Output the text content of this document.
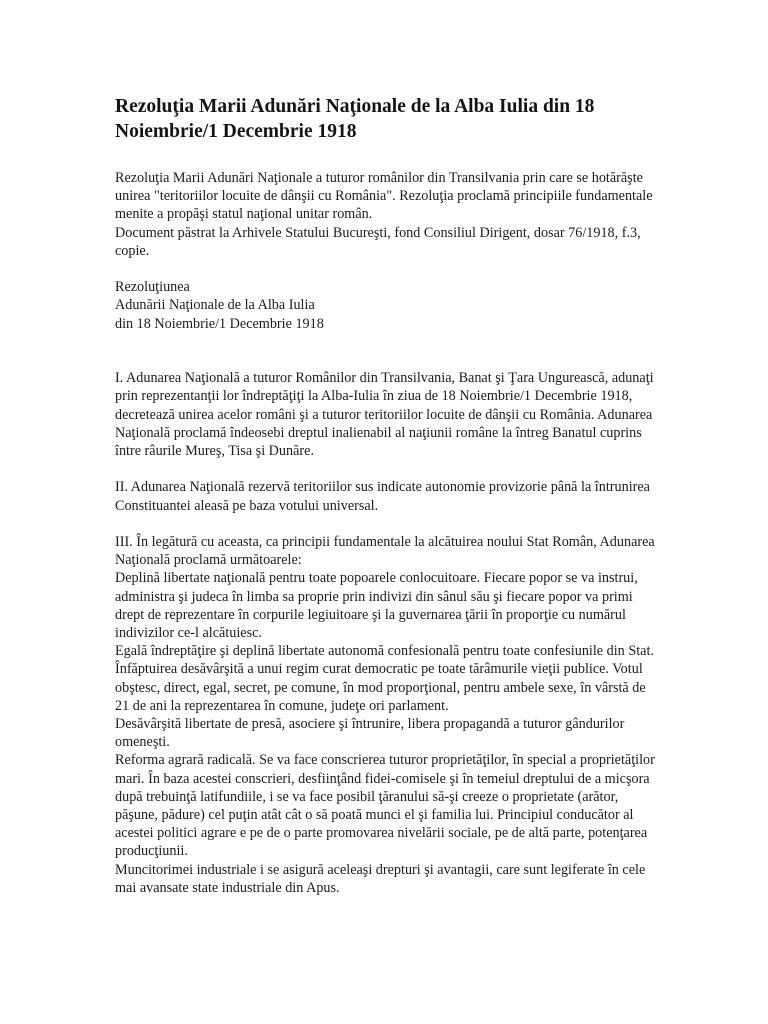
Rezoluţia Marii Adunări Naţionale de la Alba Iulia din 18 Noiembrie/1 Decembrie 1918

Rezoluţia Marii Adunări Naţionale a tuturor românilor din Transilvania prin care se hotărăşte unirea "teritoriilor locuite de dânşii cu România". Rezoluţia proclamă principiile fundamentale menite a propăşi statul naţional unitar român.
Document păstrat la Arhivele Statului Bucureşti, fond Consiliul Dirigent, dosar 76/1918, f.3, copie.

Rezoluţiunea
Adunării Naţionale de la Alba Iulia
din 18 Noiembrie/1 Decembrie 1918

I. Adunarea Naţională a tuturor Românilor din Transilvania, Banat şi Ţara Ungurească, adunaţi prin reprezentanţii lor îndreptăţiţi la Alba-Iulia în ziua de 18 Noiembrie/1 Decembrie 1918, decretează unirea acelor români şi a tuturor teritoriilor locuite de dânşii cu România. Adunarea Naţională proclamă îndeosebi dreptul inalienabil al naţiunii române la întreg Banatul cuprins între râurile Mureş, Tisa şi Dunăre.

II. Adunarea Naţională rezervă teritoriilor sus indicate autonomie provizorie până la întrunirea Constituantei aleasă pe baza votului universal.

III. În legătură cu aceasta, ca principii fundamentale la alcătuirea noului Stat Român, Adunarea Naţională proclamă următoarele:
Deplină libertate naţională pentru toate popoarele conlocuitoare. Fiecare popor se va instrui, administra şi judeca în limba sa proprie prin indivizi din sânul său şi fiecare popor va primi drept de reprezentare în corpurile legiuitoare şi la guvernarea ţării în proporţie cu numărul indivizilor ce-l alcătuiesc.
Egală îndreptăţire şi deplină libertate autonomă confesională pentru toate confesiunile din Stat.
Înfăptuirea desăvârşită a unui regim curat democratic pe toate tărâmurile vieţii publice. Votul obştesc, direct, egal, secret, pe comune, în mod proporţional, pentru ambele sexe, în vârstă de 21 de ani la reprezentarea în comune, judeţe ori parlament.
Desăvârşită libertate de presă, asociere şi întrunire, libera propagandă a tuturor gândurilor omeneşti.
Reforma agrară radicală. Se va face conscrierea tuturor proprietăţilor, în special a proprietăţilor mari. În baza acestei conscrieri, desfiinţând fidei-comisele şi în temeiul dreptului de a micşora după trebuinţă latifundiile, i se va face posibil ţăranului să-şi creeze o proprietate (arător, păşune, pădure) cel puţin atât cât o să poată munci el şi familia lui. Principiul conducător al acestei politici agrare e pe de o parte promovarea nivelării sociale, pe de altă parte, potenţarea producţiunii.
Muncitorimei industriale i se asigură aceleaşi drepturi şi avantagii, care sunt legiferate în cele mai avansate state industriale din Apus.
